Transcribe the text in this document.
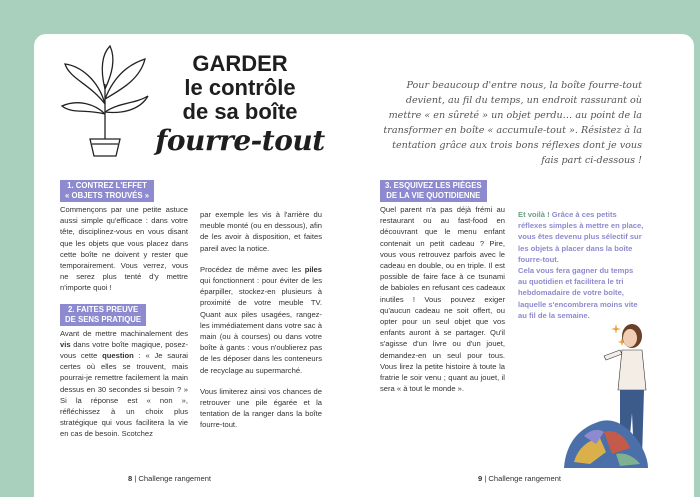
GARDER
le contrôle
de sa boîte
fourre-tout
Pour beaucoup d'entre nous, la boîte fourre-tout devient, au fil du temps, un endroit rassurant où mettre « en sûreté » un objet perdu… au point de la transformer en boîte « accumule-tout ». Résistez à la tentation grâce aux trois bons réflexes dont je vous fais part ci-dessous !
1. CONTREZ L'EFFET
« OBJETS TROUVÉS »

Commençons par une petite astuce aussi simple qu'efficace : dans votre tête, disciplinez-vous en vous disant que les objets que vous placez dans cette boîte ne doivent y rester que temporairement. Vous verrez, vous ne serez plus tenté d'y mettre n'importe quoi !

2. FAITES PREUVE
DE SENS PRATIQUE

Avant de mettre machinalement des vis dans votre boîte magique, posez-vous cette question : « Je saurai certes où elles se trouvent, mais pourrai-je remettre facilement la main dessus en 30 secondes si besoin ? » Si la réponse est « non », réfléchissez à un choix plus stratégique qui vous facilitera la vie en cas de besoin. Scotchez

par exemple les vis à l'arrière du meuble monté (ou en dessous), afin de les avoir à disposition, et faites pareil avec la notice.

Procédez de même avec les piles qui fonctionnent : pour éviter de les éparpiller, stockez-en plusieurs à proximité de votre meuble TV. Quant aux piles usagées, rangez-les immédiatement dans votre sac à main (ou à courses) ou dans votre boîte à gants : vous n'oublierez pas de les déposer dans les conteneurs de recyclage au supermarché.

Vous limiterez ainsi vos chances de retrouver une pile égarée et la tentation de la ranger dans la boîte fourre-tout.

3. ESQUIVEZ LES PIÈGES
DE LA VIE QUOTIDIENNE

Quel parent n'a pas déjà frémi au restaurant ou au fast-food en découvrant que le menu enfant contenait un petit cadeau ? Pire, vous vous retrouvez parfois avec le cadeau en double, ou en triple. Il est possible de faire face à ce tsunami de babioles en refusant ces cadeaux inutiles ! Vous pouvez exiger qu'aucun cadeau ne soit offert, ou opter pour un seul objet que vos enfants auront à se partager. Qu'il s'agisse d'un livre ou d'un jouet, demandez-en un seul pour tous. Vous lirez la petite histoire à toute la fratrie le soir venu ; quant au jouet, il sera « à tout le monde ».

Et voilà ! Grâce à ces petits réflexes simples à mettre en place, vous êtes devenu plus sélectif sur les objets à placer dans la boîte fourre-tout.

Cela vous fera gagner du temps au quotidien et facilitera le tri hebdomadaire de votre boîte, laquelle s'encombrera moins vite au fil de la semaine.

8 | Challenge rangement	9 | Challenge rangement
